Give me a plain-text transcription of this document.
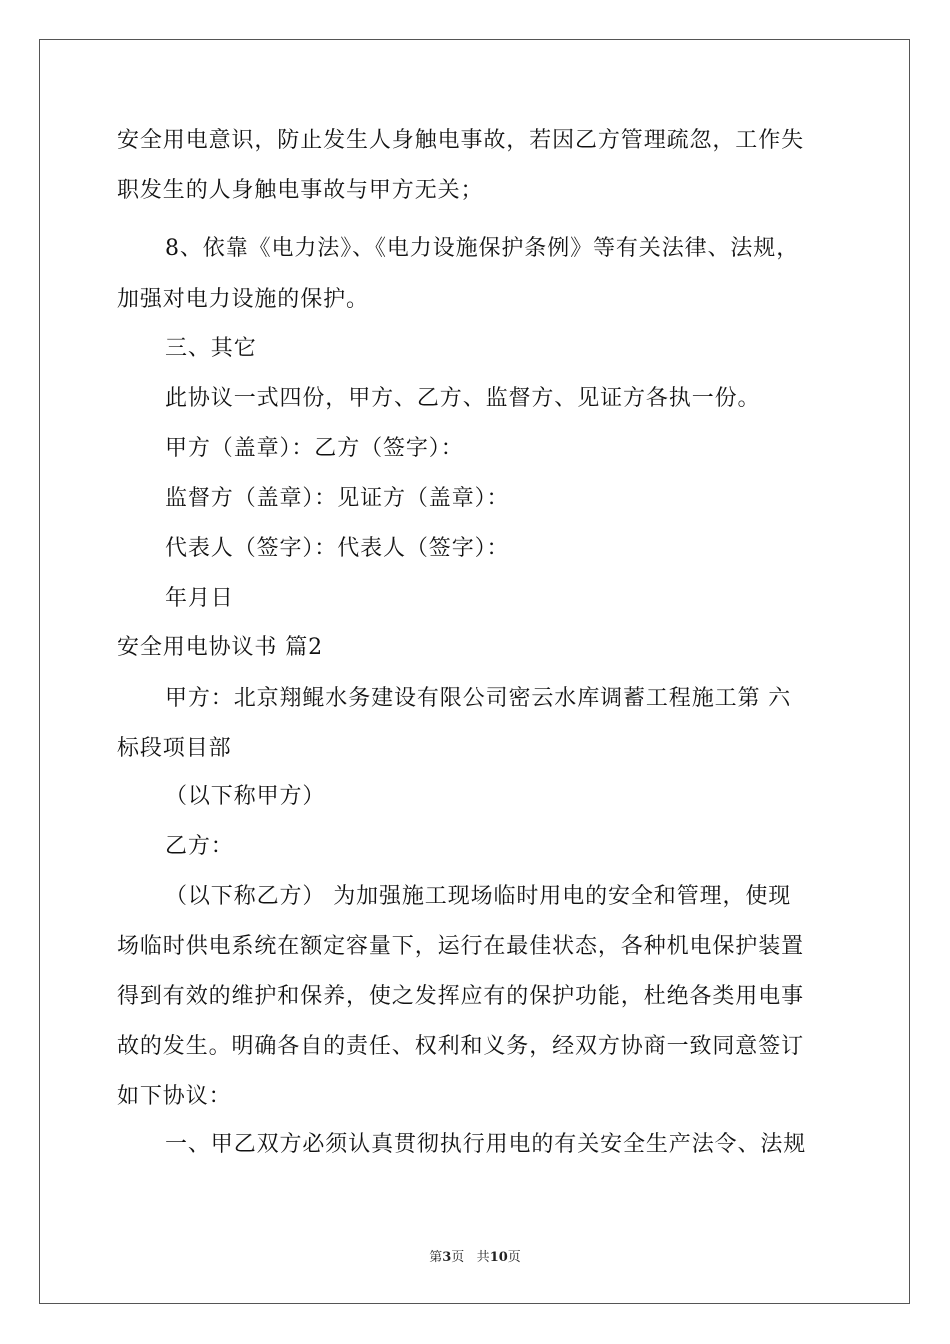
安全用电意识，防止发生人身触电事故，若因乙方管理疏忽，工作失
职发生的人身触电事故与甲方无关；
8、依靠《电力法》、《电力设施保护条例》等有关法律、法规，
加强对电力设施的保护。
三、其它
此协议一式四份，甲方、乙方、监督方、见证方各执一份。
甲方（盖章）：乙方（签字）：
监督方（盖章）：见证方（盖章）：
代表人（签字）：代表人（签字）：
年月日
安全用电协议书 篇2
甲方：北京翔鲲水务建设有限公司密云水库调蓄工程施工第 六
标段项目部
（以下称甲方）
乙方：
（以下称乙方） 为加强施工现场临时用电的安全和管理，使现
场临时供电系统在额定容量下，运行在最佳状态，各种机电保护装置
得到有效的维护和保养，使之发挥应有的保护功能，杜绝各类用电事
故的发生。明确各自的责任、权利和义务，经双方协商一致同意签订
如下协议：
一、甲乙双方必须认真贯彻执行用电的有关安全生产法令、法规
第3页 共10页
